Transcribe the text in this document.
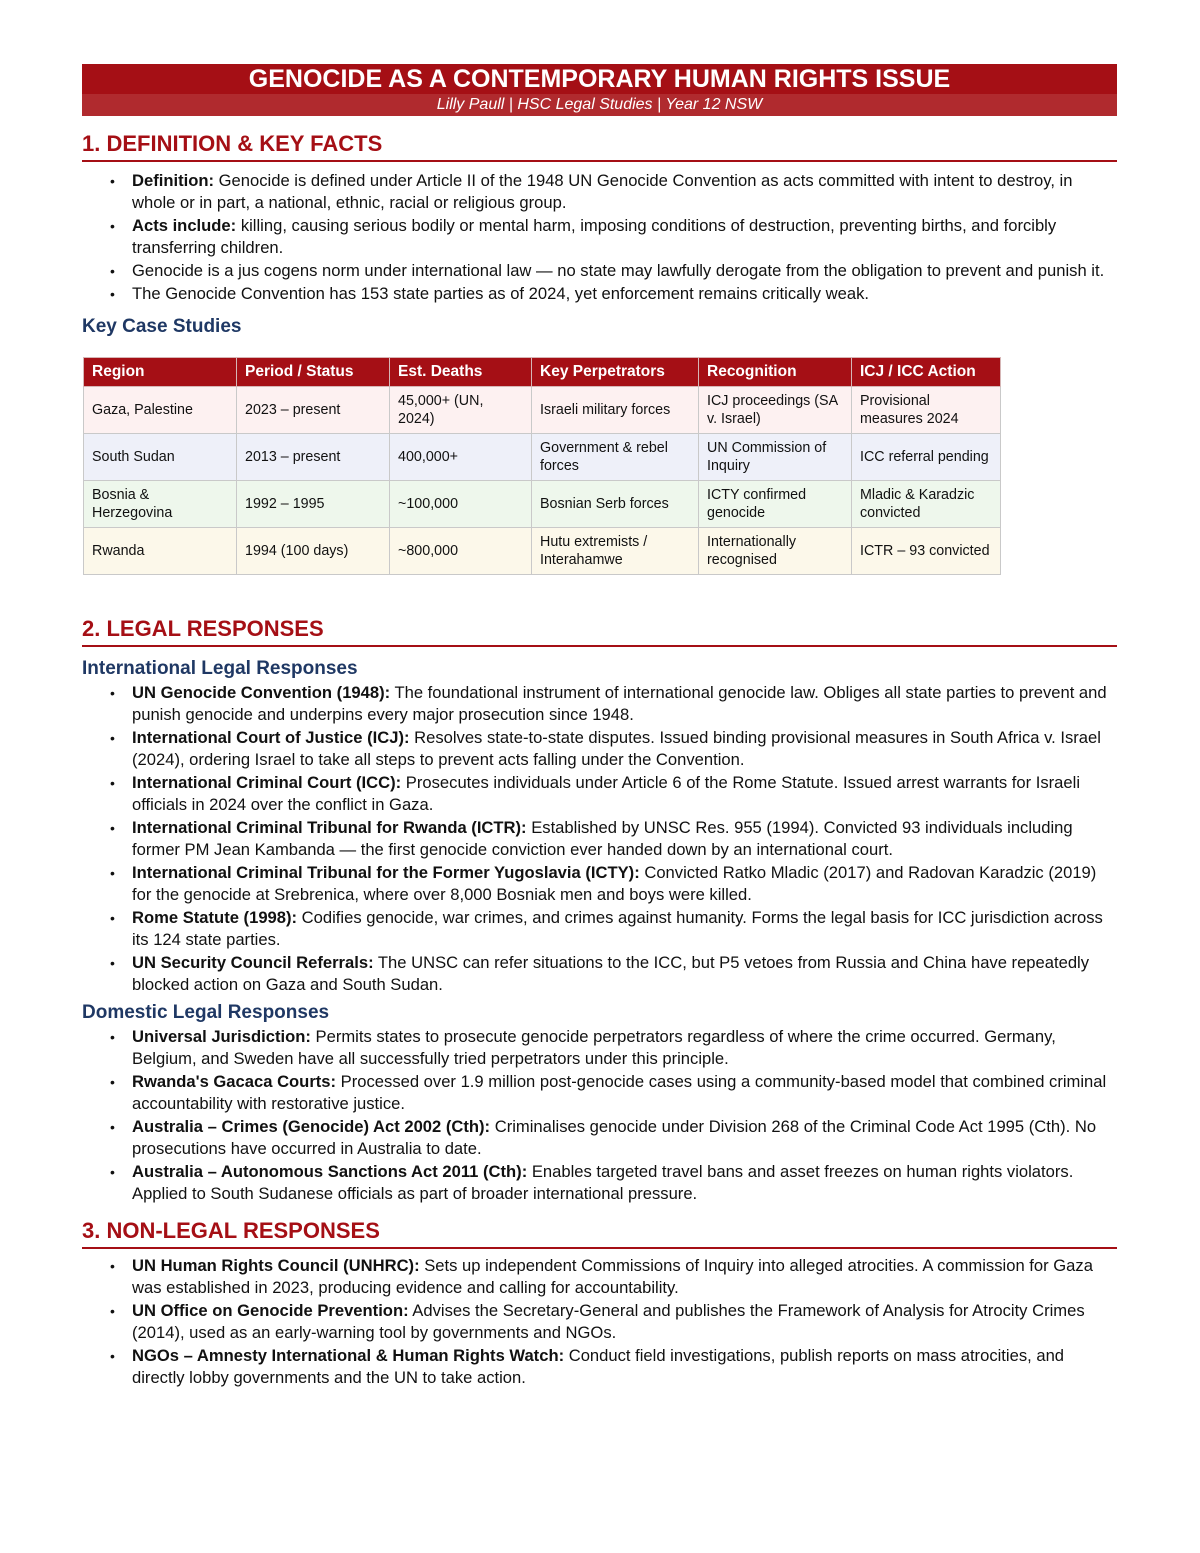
GENOCIDE AS A CONTEMPORARY HUMAN RIGHTS ISSUE
Lilly Paull | HSC Legal Studies | Year 12 NSW
1. DEFINITION & KEY FACTS
• Definition: Genocide is defined under Article II of the 1948 UN Genocide Convention as acts committed with intent to destroy, in whole or in part, a national, ethnic, racial or religious group.
• Acts include: killing, causing serious bodily or mental harm, imposing conditions of destruction, preventing births, and forcibly transferring children.
• Genocide is a jus cogens norm under international law — no state may lawfully derogate from the obligation to prevent and punish it.
• The Genocide Convention has 153 state parties as of 2024, yet enforcement remains critically weak.
Key Case Studies
Region	Period / Status	Est. Deaths	Key Perpetrators	Recognition	ICJ / ICC Action
Gaza, Palestine	2023 – present	45,000+ (UN, 2024)	Israeli military forces	ICJ proceedings (SA v. Israel)	Provisional measures 2024
South Sudan	2013 – present	400,000+	Government & rebel forces	UN Commission of Inquiry	ICC referral pending
Bosnia & Herzegovina	1992 – 1995	~100,000	Bosnian Serb forces	ICTY confirmed genocide	Mladic & Karadzic convicted
Rwanda	1994 (100 days)	~800,000	Hutu extremists / Interahamwe	Internationally recognised	ICTR – 93 convicted
2. LEGAL RESPONSES
International Legal Responses
• UN Genocide Convention (1948): The foundational instrument of international genocide law. Obliges all state parties to prevent and punish genocide and underpins every major prosecution since 1948.
• International Court of Justice (ICJ): Resolves state-to-state disputes. Issued binding provisional measures in South Africa v. Israel (2024), ordering Israel to take all steps to prevent acts falling under the Convention.
• International Criminal Court (ICC): Prosecutes individuals under Article 6 of the Rome Statute. Issued arrest warrants for Israeli officials in 2024 over the conflict in Gaza.
• International Criminal Tribunal for Rwanda (ICTR): Established by UNSC Res. 955 (1994). Convicted 93 individuals including former PM Jean Kambanda — the first genocide conviction ever handed down by an international court.
• International Criminal Tribunal for the Former Yugoslavia (ICTY): Convicted Ratko Mladic (2017) and Radovan Karadzic (2019) for the genocide at Srebrenica, where over 8,000 Bosniak men and boys were killed.
• Rome Statute (1998): Codifies genocide, war crimes, and crimes against humanity. Forms the legal basis for ICC jurisdiction across its 124 state parties.
• UN Security Council Referrals: The UNSC can refer situations to the ICC, but P5 vetoes from Russia and China have repeatedly blocked action on Gaza and South Sudan.
Domestic Legal Responses
• Universal Jurisdiction: Permits states to prosecute genocide perpetrators regardless of where the crime occurred. Germany, Belgium, and Sweden have all successfully tried perpetrators under this principle.
• Rwanda's Gacaca Courts: Processed over 1.9 million post-genocide cases using a community-based model that combined criminal accountability with restorative justice.
• Australia – Crimes (Genocide) Act 2002 (Cth): Criminalises genocide under Division 268 of the Criminal Code Act 1995 (Cth). No prosecutions have occurred in Australia to date.
• Australia – Autonomous Sanctions Act 2011 (Cth): Enables targeted travel bans and asset freezes on human rights violators. Applied to South Sudanese officials as part of broader international pressure.
3. NON-LEGAL RESPONSES
• UN Human Rights Council (UNHRC): Sets up independent Commissions of Inquiry into alleged atrocities. A commission for Gaza was established in 2023, producing evidence and calling for accountability.
• UN Office on Genocide Prevention: Advises the Secretary-General and publishes the Framework of Analysis for Atrocity Crimes (2014), used as an early-warning tool by governments and NGOs.
• NGOs – Amnesty International & Human Rights Watch: Conduct field investigations, publish reports on mass atrocities, and directly lobby governments and the UN to take action.
